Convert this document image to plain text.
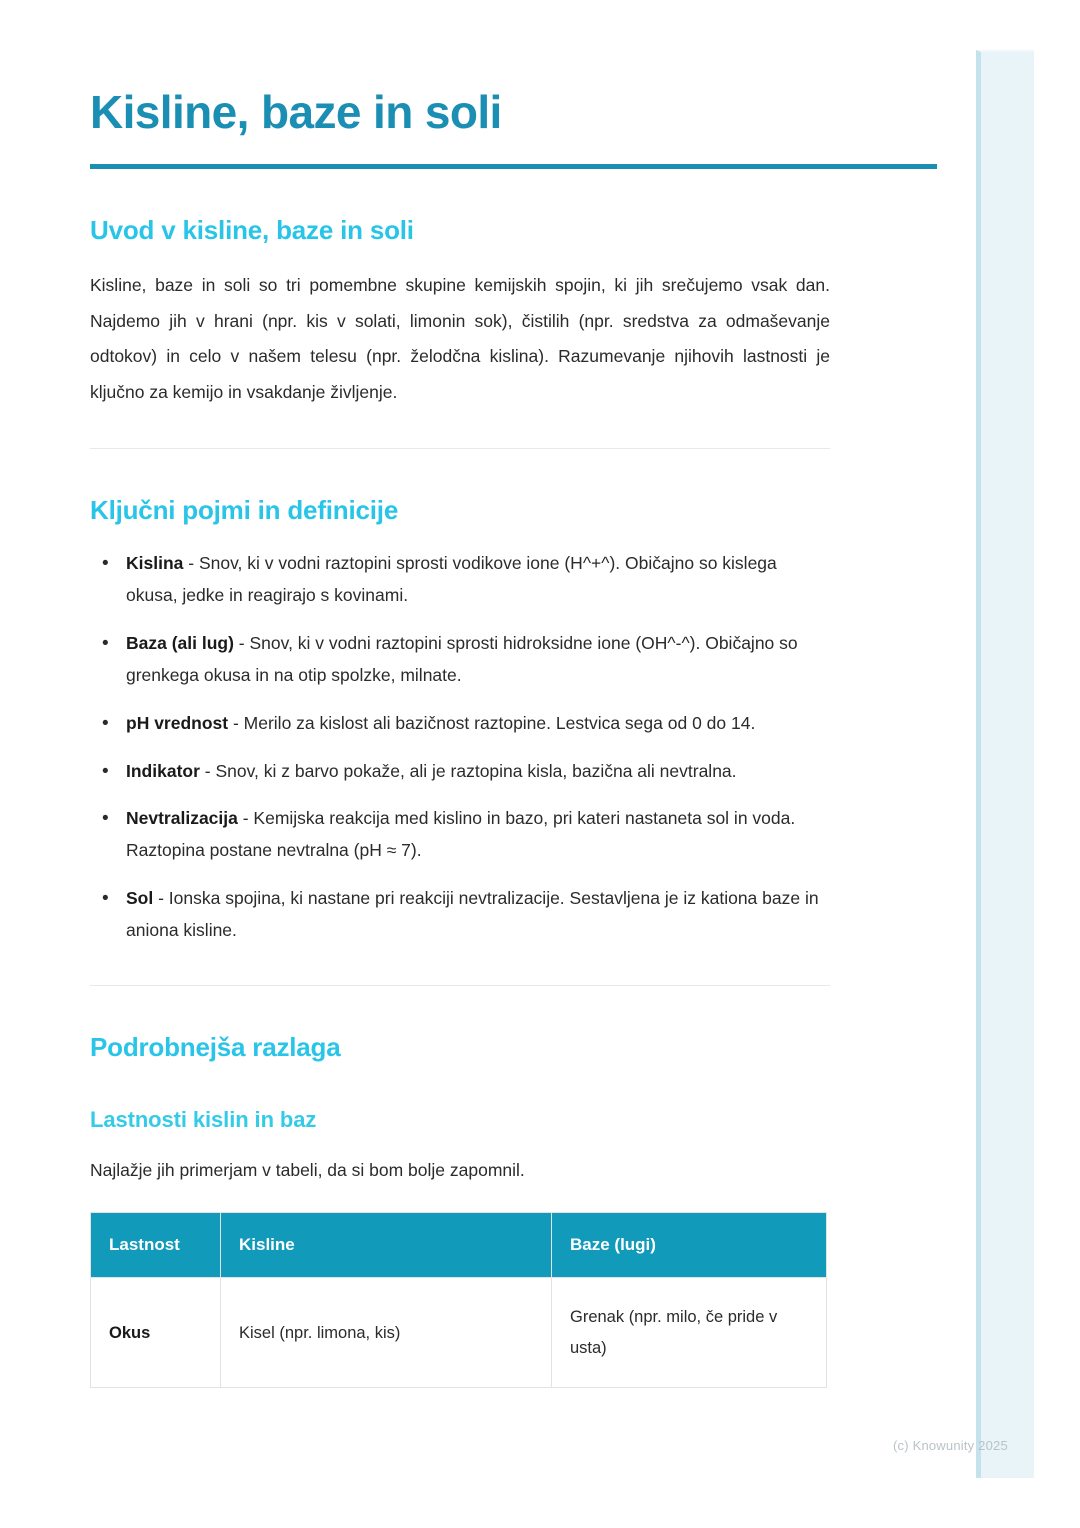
Kisline, baze in soli
Uvod v kisline, baze in soli

Kisline, baze in soli so tri pomembne skupine kemijskih spojin, ki jih srečujemo vsak dan. Najdemo jih v hrani (npr. kis v solati, limonin sok), čistilih (npr. sredstva za odmaševanje odtokov) in celo v našem telesu (npr. želodčna kislina). Razumevanje njihovih lastnosti je ključno za kemijo in vsakdanje življenje.

Ključni pojmi in definicije
• Kislina - Snov, ki v vodni raztopini sprosti vodikove ione (H^+^). Običajno so kislega okusa, jedke in reagirajo s kovinami.
• Baza (ali lug) - Snov, ki v vodni raztopini sprosti hidroksidne ione (OH^-^). Običajno so grenkega okusa in na otip spolzke, milnate.
• pH vrednost - Merilo za kislost ali bazičnost raztopine. Lestvica sega od 0 do 14.
• Indikator - Snov, ki z barvo pokaže, ali je raztopina kisla, bazična ali nevtralna.
• Nevtralizacija - Kemijska reakcija med kislino in bazo, pri kateri nastaneta sol in voda. Raztopina postane nevtralna (pH ≈ 7).
• Sol - Ionska spojina, ki nastane pri reakciji nevtralizacije. Sestavljena je iz kationa baze in aniona kisline.
Podrobnejša razlaga
Lastnosti kislin in baz

Najlažje jih primerjam v tabeli, da si bom bolje zapomnil.

Lastnost	Kisline	Baze (lugi)
Okus	Kisel (npr. limona, kis)	Grenak (npr. milo, če pride v usta)
(c) Knowunity 2025
